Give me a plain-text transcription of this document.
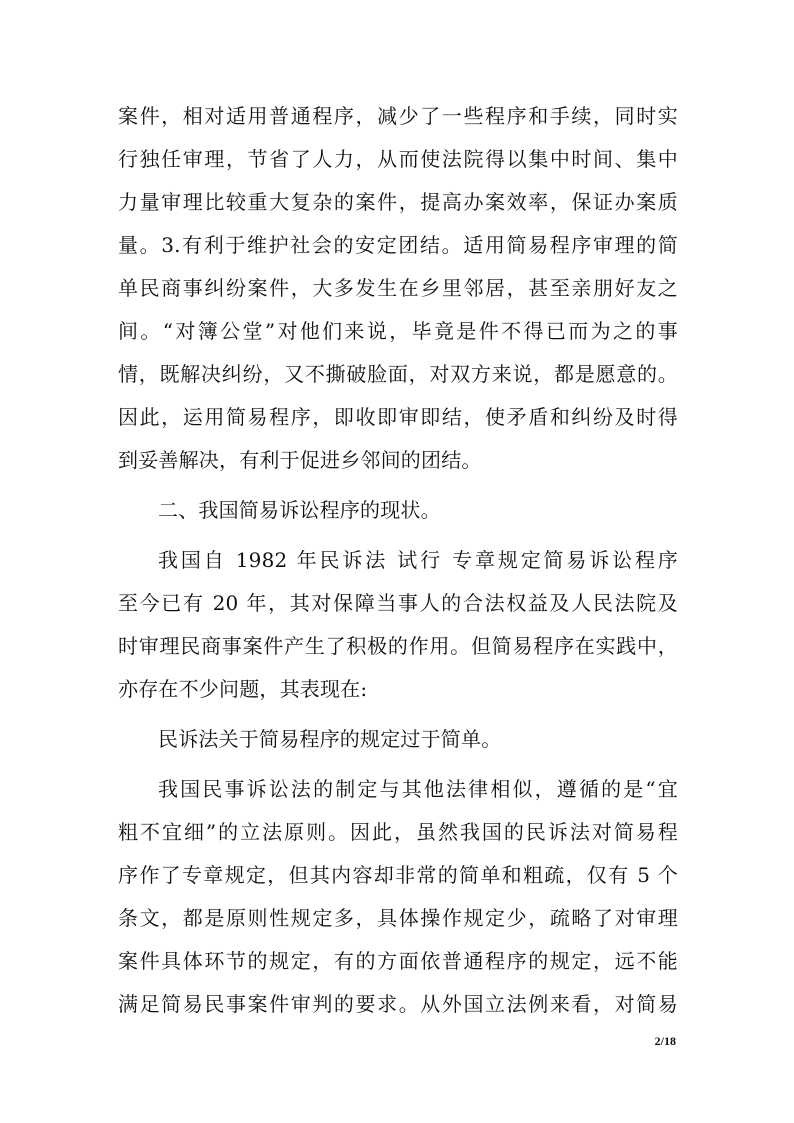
案件，相对适用普通程序，减少了一些程序和手续，同时实
行独任审理，节省了人力，从而使法院得以集中时间、集中
力量审理比较重大复杂的案件，提高办案效率，保证办案质
量。3.有利于维护社会的安定团结。适用简易程序审理的简
单民商事纠纷案件，大多发生在乡里邻居，甚至亲朋好友之
间。“对簿公堂”对他们来说，毕竟是件不得已而为之的事
情，既解决纠纷，又不撕破脸面，对双方来说，都是愿意的。
因此，运用简易程序，即收即审即结，使矛盾和纠纷及时得
到妥善解决，有利于促进乡邻间的团结。
二、我国简易诉讼程序的现状。
我国自 1982 年民诉法 试行 专章规定简易诉讼程序
至今已有 20 年，其对保障当事人的合法权益及人民法院及
时审理民商事案件产生了积极的作用。但简易程序在实践中，
亦存在不少问题，其表现在:
民诉法关于简易程序的规定过于简单。
我国民事诉讼法的制定与其他法律相似，遵循的是“宜
粗不宜细”的立法原则。因此，虽然我国的民诉法对简易程
序作了专章规定，但其内容却非常的简单和粗疏，仅有 5 个
条文，都是原则性规定多，具体操作规定少，疏略了对审理
案件具体环节的规定，有的方面依普通程序的规定，远不能
满足简易民事案件审判的要求。从外国立法例来看，对简易
2/18
